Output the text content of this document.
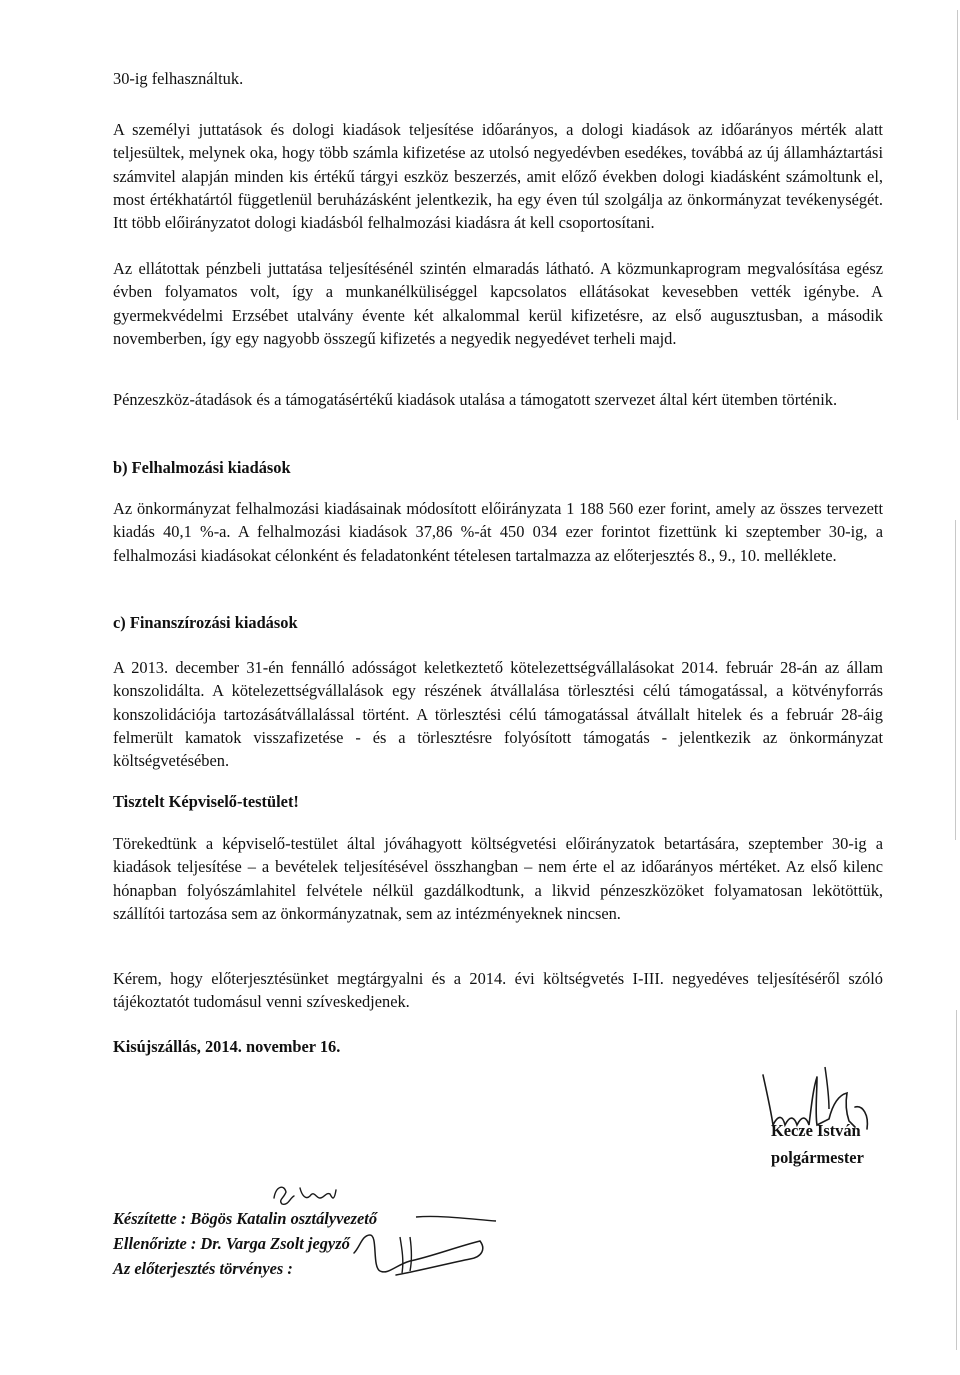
30-ig felhasználtuk.

A személyi juttatások és dologi kiadások teljesítése időarányos, a dologi kiadások az időarányos mérték alatt teljesültek, melynek oka, hogy több számla kifizetése az utolsó negyedévben esedékes, továbbá az új államháztartási számvitel alapján minden kis értékű tárgyi eszköz beszerzés, amit előző években dologi kiadásként számoltunk el, most értékhatártól függetlenül beruházásként jelentkezik, ha egy éven túl szolgálja az önkormányzat tevékenységét. Itt több előirányzatot dologi kiadásból felhalmozási kiadásra át kell csoportosítani.

Az ellátottak pénzbeli juttatása teljesítésénél szintén elmaradás látható. A közmunkaprogram megvalósítása egész évben folyamatos volt, így a munkanélküliséggel kapcsolatos ellátásokat kevesebben vették igénybe. A gyermekvédelmi Erzsébet utalvány évente két alkalommal kerül kifizetésre, az első augusztusban, a második novemberben, így egy nagyobb összegű kifizetés a negyedik negyedévet terheli majd.

Pénzeszköz-átadások és a támogatásértékű kiadások utalása a támogatott szervezet által kért ütemben történik.

b) Felhalmozási kiadások

Az önkormányzat felhalmozási kiadásainak módosított előirányzata 1 188 560 ezer forint, amely az összes tervezett kiadás 40,1 %-a. A felhalmozási kiadások 37,86 %-át 450 034 ezer forintot fizettünk ki szeptember 30-ig, a felhalmozási kiadásokat célonként és feladatonként tételesen tartalmazza az előterjesztés 8., 9., 10. melléklete.

c) Finanszírozási kiadások

A 2013. december 31-én fennálló adósságot keletkeztető kötelezettségvállalásokat 2014. február 28-án az állam konszolidálta. A kötelezettségvállalások egy részének átvállalása törlesztési célú támogatással, a kötvényforrás konszolidációja tartozásátvállalással történt. A törlesztési célú támogatással átvállalt hitelek és a február 28-áig felmerült kamatok visszafizetése - és a törlesztésre folyósított támogatás - jelentkezik az önkormányzat költségvetésében.

Tisztelt Képviselő-testület!

Törekedtünk a képviselő-testület által jóváhagyott költségvetési előirányzatok betartására, szeptember 30-ig a kiadások teljesítése – a bevételek teljesítésével összhangban – nem érte el az időarányos mértéket. Az első kilenc hónapban folyószámlahitel felvétele nélkül gazdálkodtunk, a likvid pénzeszközöket folyamatosan lekötöttük, szállítói tartozása sem az önkormányzatnak, sem az intézményeknek nincsen.

Kérem, hogy előterjesztésünket megtárgyalni és a 2014. évi költségvetés I-III. negyedéves teljesítéséről szóló tájékoztatót tudomásul venni szíveskedjenek.

Kisújszállás, 2014. november 16.

Kecze István
polgármester
Készítette : Bögös Katalin osztályvezető
Ellenőrizte : Dr. Varga Zsolt jegyző
Az előterjesztés törvényes :
